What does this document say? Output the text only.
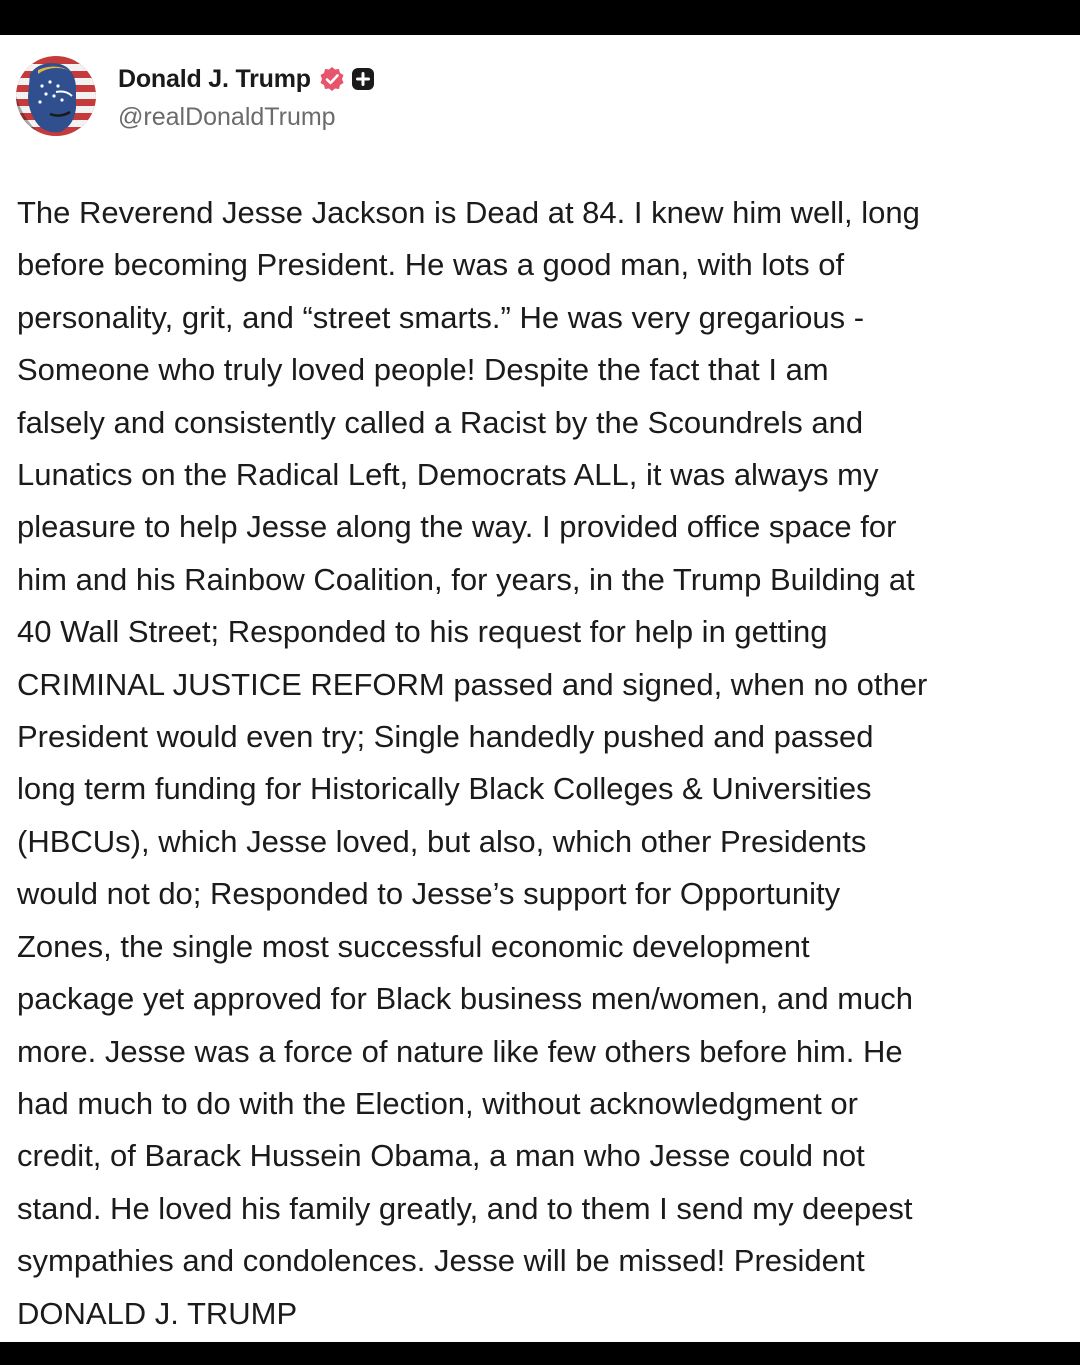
Donald J. Trump
@realDonaldTrump

The Reverend Jesse Jackson is Dead at 84. I knew him well, long
before becoming President. He was a good man, with lots of
personality, grit, and “street smarts.” He was very gregarious -
Someone who truly loved people! Despite the fact that I am
falsely and consistently called a Racist by the Scoundrels and
Lunatics on the Radical Left, Democrats ALL, it was always my
pleasure to help Jesse along the way. I provided office space for
him and his Rainbow Coalition, for years, in the Trump Building at
40 Wall Street; Responded to his request for help in getting
CRIMINAL JUSTICE REFORM passed and signed, when no other
President would even try; Single handedly pushed and passed
long term funding for Historically Black Colleges & Universities
(HBCUs), which Jesse loved, but also, which other Presidents
would not do; Responded to Jesse’s support for Opportunity
Zones, the single most successful economic development
package yet approved for Black business men/women, and much
more. Jesse was a force of nature like few others before him. He
had much to do with the Election, without acknowledgment or
credit, of Barack Hussein Obama, a man who Jesse could not
stand. He loved his family greatly, and to them I send my deepest
sympathies and condolences. Jesse will be missed! President
DONALD J. TRUMP
